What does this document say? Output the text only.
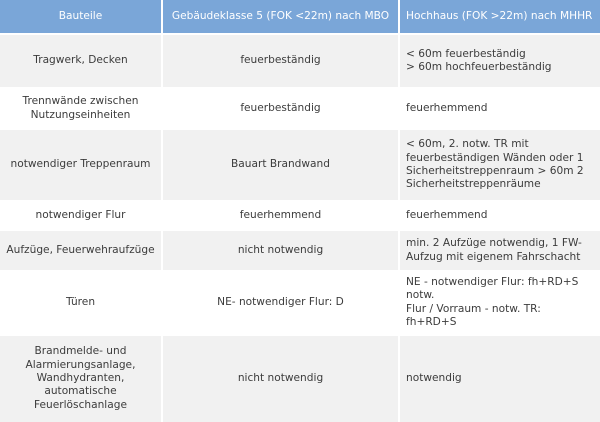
Bauteile	Gebäudeklasse 5 (FOK <22m) nach MBO	Hochhaus (FOK >22m) nach MHHR

Tragwerk, Decken	feuerbeständig	< 60m feuerbeständig
> 60m hochfeuerbeständig

Trennwände zwischen
Nutzungseinheiten	feuerbeständig	feuerhemmend

notwendiger Treppenraum	Bauart Brandwand	< 60m, 2. notw. TR mit
feuerbeständigen Wänden oder 1
Sicherheitstreppenraum > 60m 2
Sicherheitstreppenräume

notwendiger Flur	feuerhemmend	feuerhemmend

Aufzüge, Feuerwehraufzüge	nicht notwendig	min. 2 Aufzüge notwendig, 1 FW-
Aufzug mit eigenem Fahrschacht

Türen	NE- notwendiger Flur: D	NE - notwendiger Flur: fh+RD+S notw.
Flur / Vorraum - notw. TR: fh+RD+S

Brandmelde- und
Alarmierungsanlage,
Wandhydranten,
automatische
Feuerlöschanlage	nicht notwendig	notwendig
